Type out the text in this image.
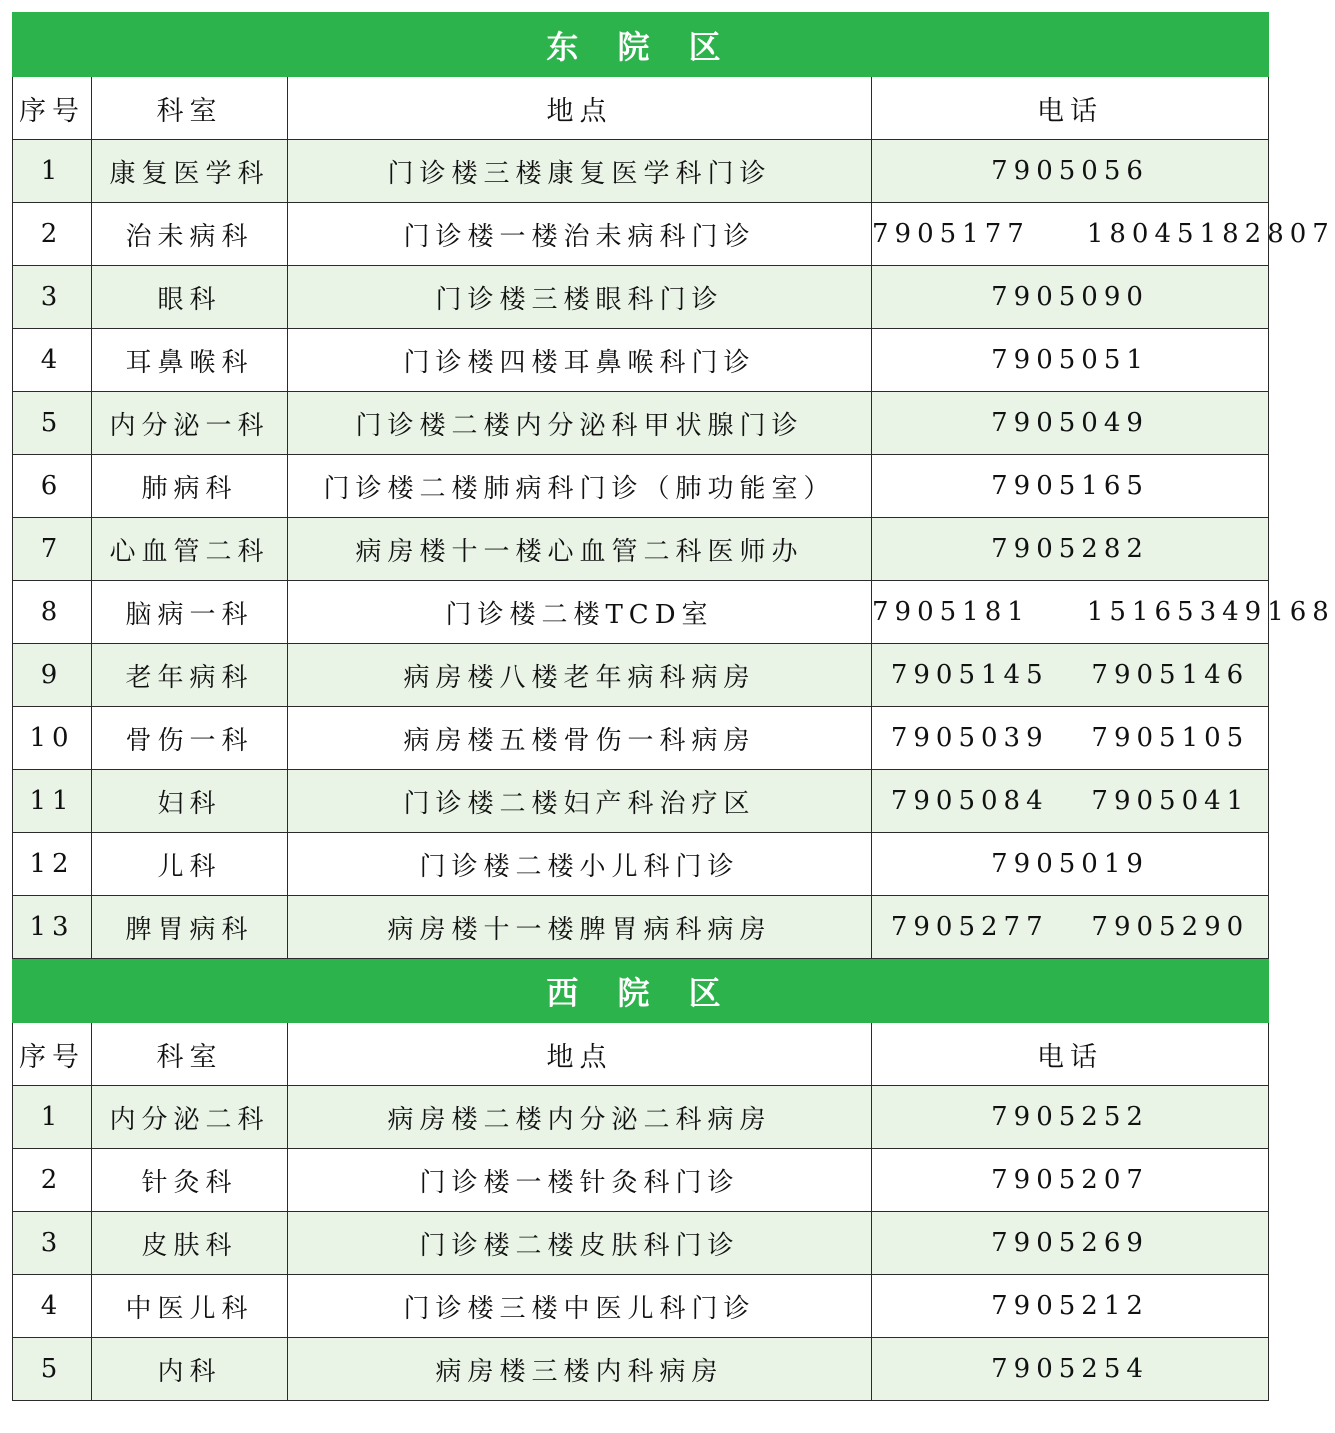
东 院 区			
序号	科室	地点	电话
1	康复医学科	门诊楼三楼康复医学科门诊	7905056
2	治未病科	门诊楼一楼治未病科门诊	7905177    18045182807
3	眼科	门诊楼三楼眼科门诊	7905090
4	耳鼻喉科	门诊楼四楼耳鼻喉科门诊	7905051
5	内分泌一科	门诊楼二楼内分泌科甲状腺门诊	7905049
6	肺病科	门诊楼二楼肺病科门诊（肺功能室）	7905165
7	心血管二科	病房楼十一楼心血管二科医师办	7905282
8	脑病一科	门诊楼二楼TCD室	7905181    15165349168
9	老年病科	病房楼八楼老年病科病房	7905145   7905146
10	骨伤一科	病房楼五楼骨伤一科病房	7905039   7905105
11	妇科	门诊楼二楼妇产科治疗区	7905084   7905041
12	儿科	门诊楼二楼小儿科门诊	7905019
13	脾胃病科	病房楼十一楼脾胃病科病房	7905277   7905290
西 院 区			
序号	科室	地点	电话
1	内分泌二科	病房楼二楼内分泌二科病房	7905252
2	针灸科	门诊楼一楼针灸科门诊	7905207
3	皮肤科	门诊楼二楼皮肤科门诊	7905269
4	中医儿科	门诊楼三楼中医儿科门诊	7905212
5	内科	病房楼三楼内科病房	7905254
